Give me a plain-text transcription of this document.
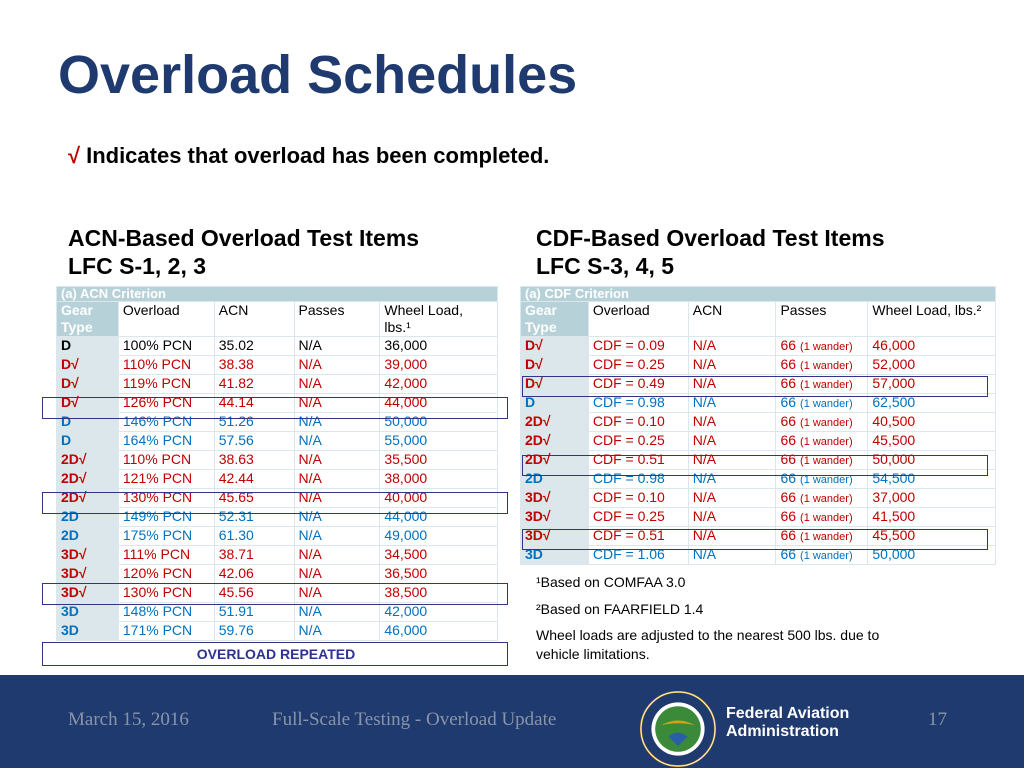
Overload Schedules
√ Indicates that overload has been completed.
ACN-Based Overload Test Items
LFC S-1, 2, 3
CDF-Based Overload Test Items
LFC S-3, 4, 5
(a) ACN Criterion				
Gear Type	Overload	ACN	Passes	Wheel Load, lbs.¹
D	100% PCN	35.02	N/A	36,000
D√	110% PCN	38.38	N/A	39,000
D√	119% PCN	41.82	N/A	42,000
D√	126% PCN	44.14	N/A	44,000
D	146% PCN	51.26	N/A	50,000
D	164% PCN	57.56	N/A	55,000
2D√	110% PCN	38.63	N/A	35,500
2D√	121% PCN	42.44	N/A	38,000
2D√	130% PCN	45.65	N/A	40,000
2D	149% PCN	52.31	N/A	44,000
2D	175% PCN	61.30	N/A	49,000
3D√	111% PCN	38.71	N/A	34,500
3D√	120% PCN	42.06	N/A	36,500
3D√	130% PCN	45.56	N/A	38,500
3D	148% PCN	51.91	N/A	42,000
3D	171% PCN	59.76	N/A	46,000
(a) CDF Criterion				
Gear Type	Overload	ACN	Passes	Wheel Load, lbs.²
D√	CDF = 0.09	N/A	66 (1 wander)	46,000
D√	CDF = 0.25	N/A	66 (1 wander)	52,000
D√	CDF = 0.49	N/A	66 (1 wander)	57,000
D	CDF = 0.98	N/A	66 (1 wander)	62,500
2D√	CDF = 0.10	N/A	66 (1 wander)	40,500
2D√	CDF = 0.25	N/A	66 (1 wander)	45,500
2D√	CDF = 0.51	N/A	66 (1 wander)	50,000
2D	CDF = 0.98	N/A	66 (1 wander)	54,500
3D√	CDF = 0.10	N/A	66 (1 wander)	37,000
3D√	CDF = 0.25	N/A	66 (1 wander)	41,500
3D√	CDF = 0.51	N/A	66 (1 wander)	45,500
3D	CDF = 1.06	N/A	66 (1 wander)	50,000
OVERLOAD REPEATED
¹Based on COMFAA 3.0
²Based on FAARFIELD 1.4
Wheel loads are adjusted to the nearest 500 lbs. due to
vehicle limitations.
March 15, 2016	Full-Scale Testing - Overload Update	Federal Aviation
Administration
17
